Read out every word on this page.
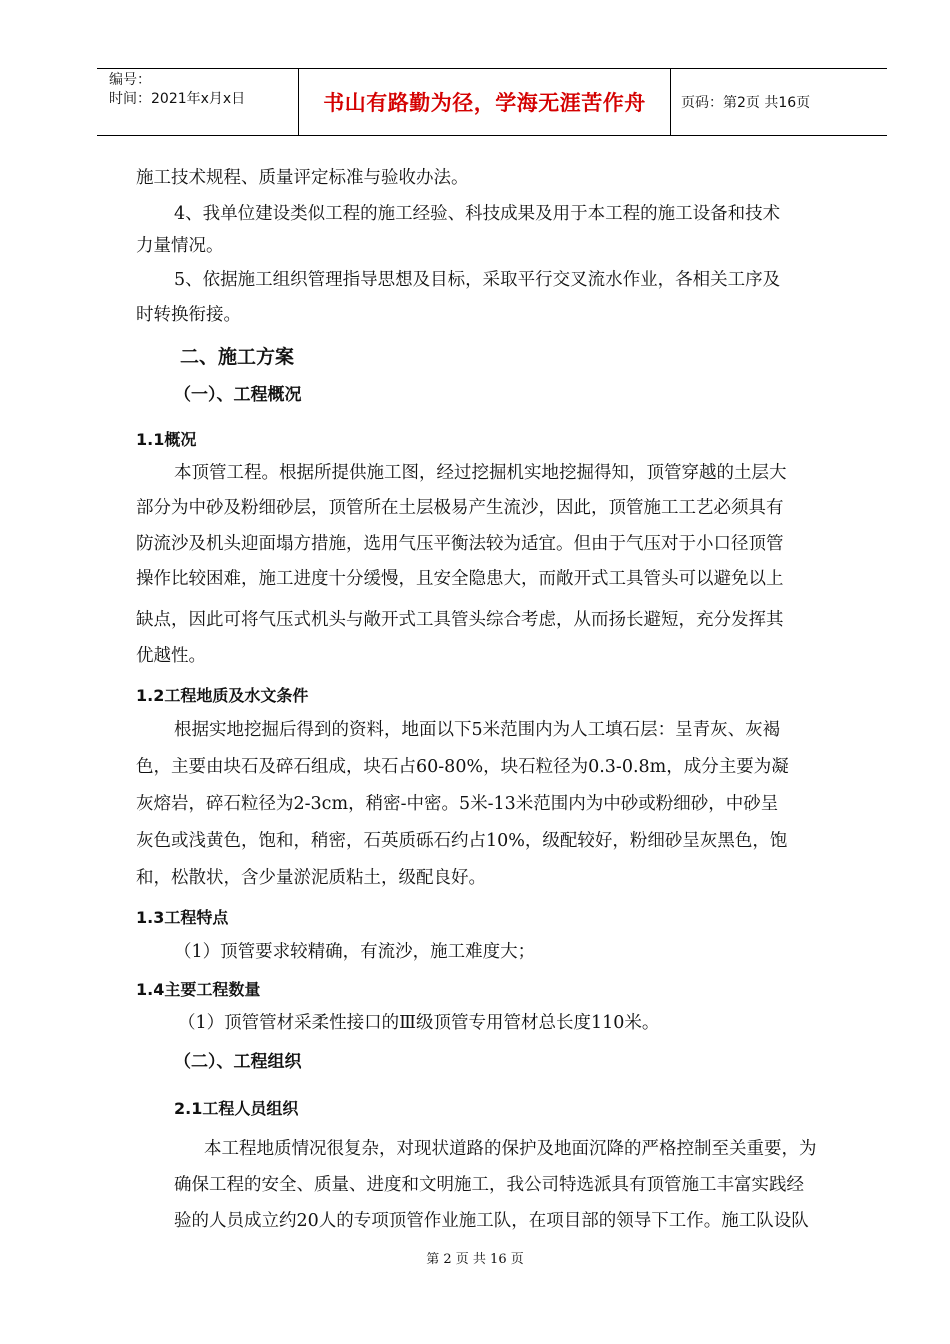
编号：
时间：2021年x月x日	书山有路勤为径，学海无涯苦作舟	页码：第2页 共16页
施工技术规程、质量评定标准与验收办法。
4、我单位建设类似工程的施工经验、科技成果及用于本工程的施工设备和技术
力量情况。
5、依据施工组织管理指导思想及目标，采取平行交叉流水作业，各相关工序及
时转换衔接。
二、施工方案
（一）、工程概况
1.1概况
本顶管工程。根据所提供施工图，经过挖掘机实地挖掘得知，顶管穿越的土层大
部分为中砂及粉细砂层，顶管所在土层极易产生流沙，因此，顶管施工工艺必须具有
防流沙及机头迎面塌方措施，选用气压平衡法较为适宜。但由于气压对于小口径顶管
操作比较困难，施工进度十分缓慢，且安全隐患大，而敞开式工具管头可以避免以上
缺点，因此可将气压式机头与敞开式工具管头综合考虑，从而扬长避短，充分发挥其
优越性。
1.2工程地质及水文条件
根据实地挖掘后得到的资料，地面以下5米范围内为人工填石层：呈青灰、灰褐
色，主要由块石及碎石组成，块石占60-80%，块石粒径为0.3-0.8m，成分主要为凝
灰熔岩，碎石粒径为2-3cm，稍密-中密。5米-13米范围内为中砂或粉细砂，中砂呈
灰色或浅黄色，饱和，稍密，石英质砾石约占10%，级配较好，粉细砂呈灰黑色，饱
和，松散状，含少量淤泥质粘土，级配良好。
1.3工程特点
（1）顶管要求较精确，有流沙，施工难度大；
1.4主要工程数量
（1）顶管管材采柔性接口的Ⅲ级顶管专用管材总长度110米。
（二）、工程组织
2.1工程人员组织
本工程地质情况很复杂，对现状道路的保护及地面沉降的严格控制至关重要，为
确保工程的安全、质量、进度和文明施工，我公司特选派具有顶管施工丰富实践经
验的人员成立约20人的专项顶管作业施工队，在项目部的领导下工作。施工队设队
第 2 页 共 16 页
